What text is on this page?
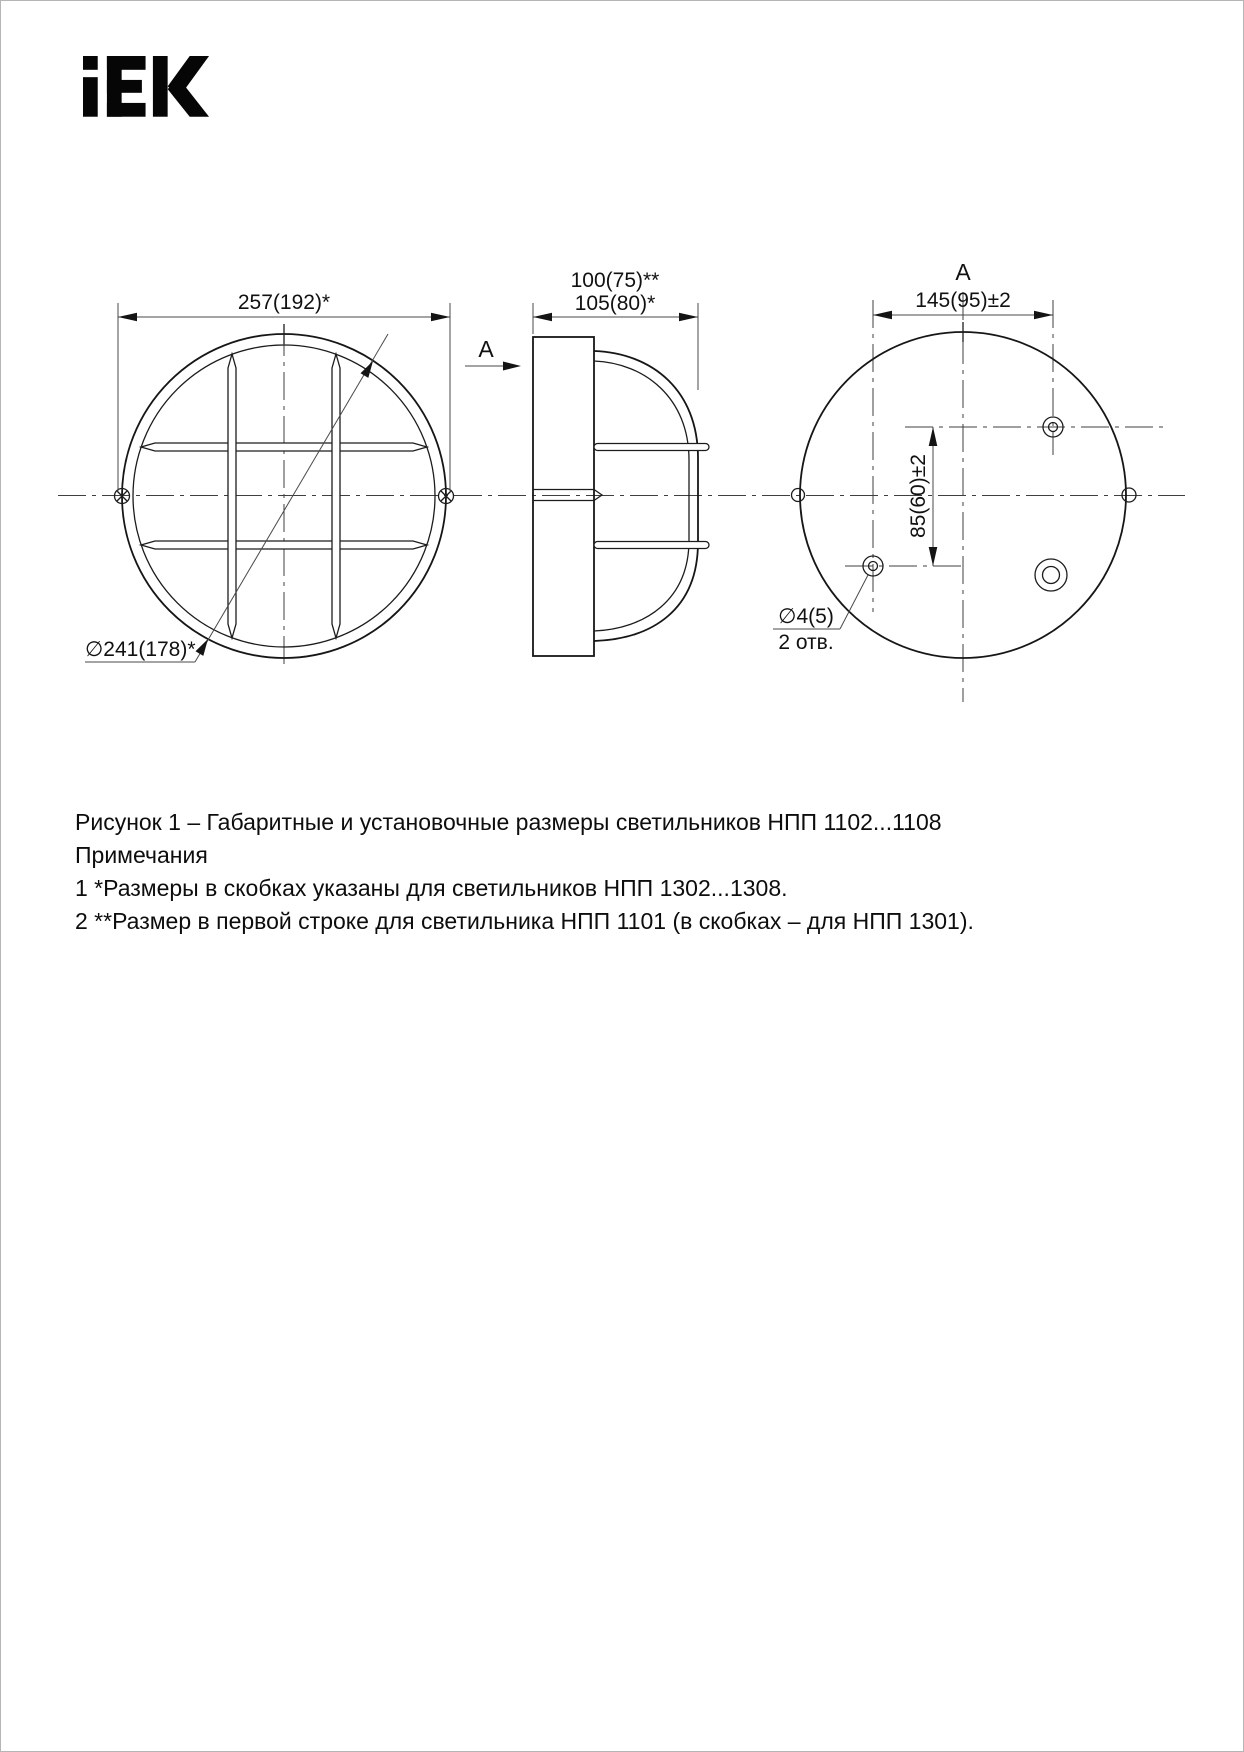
257(192)*
∅241(178)*
А
100(75)**
105(80)*
А
145(95)±2
85(60)±2
∅4(5)
2 отв.
Рисунок 1 – Габаритные и установочные размеры светильников НПП 1102...1108
Примечания
1 *Размеры в скобках указаны для светильников НПП 1302...1308.
2 **Размер в первой строке для светильника НПП 1101 (в скобках – для НПП 1301).
